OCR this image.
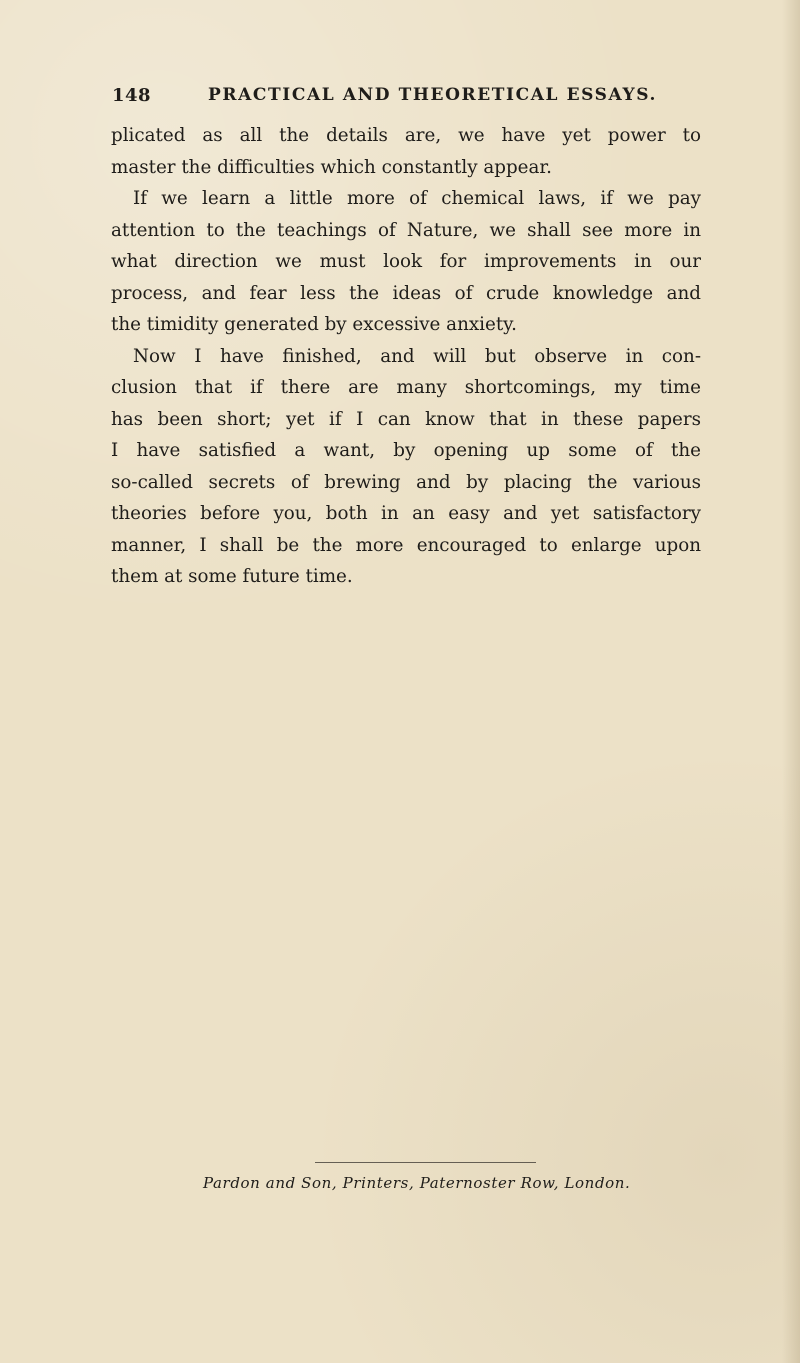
148	PRACTICAL AND THEORETICAL ESSAYS.

plicated as all the details are, we have yet power to

master the difficulties which constantly appear.

If we learn a little more of chemical laws, if we pay

attention to the teachings of Nature, we shall see more in

what direction we must look for improvements in our

process, and fear less the ideas of crude knowledge and

the timidity generated by excessive anxiety.

Now I have finished, and will but observe in con-

clusion that if there are many shortcomings, my time

has been short; yet if I can know that in these papers

I have satisfied a want, by opening up some of the

so-called secrets of brewing and by placing the various

theories before you, both in an easy and yet satisfactory

manner, I shall be the more encouraged to enlarge upon

them at some future time.

Pardon and Son, Printers, Paternoster Row, London.
